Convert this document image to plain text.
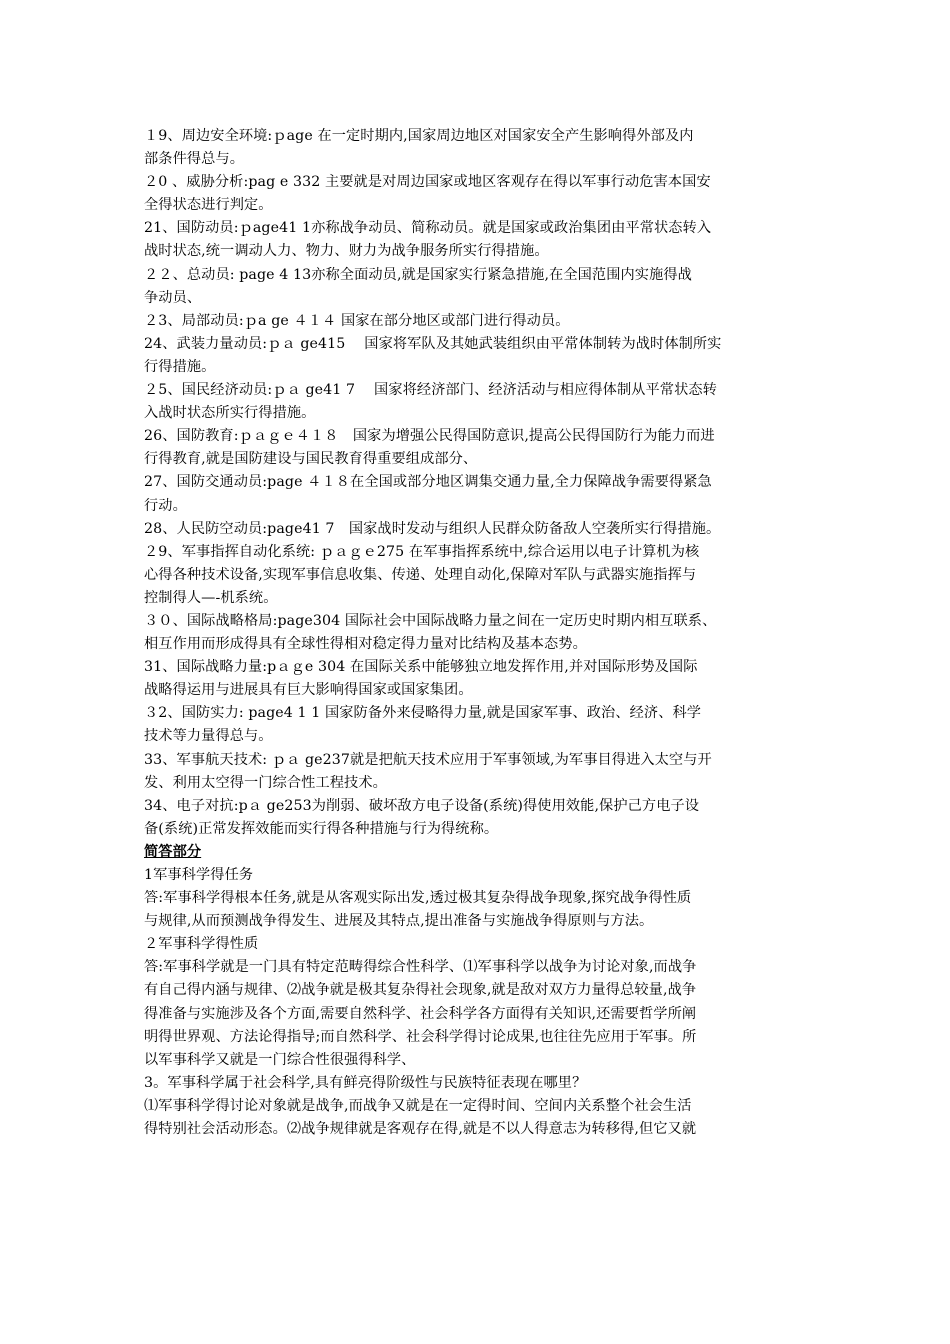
１9、周边安全环境:ｐage 在一定时期内,国家周边地区对国家安全产生影响得外部及内
部条件得总与。
２0 、威胁分析:pag e 332 主要就是对周边国家或地区客观存在得以军事行动危害本国安
全得状态进行判定。
21、国防动员:ｐage41 1亦称战争动员、简称动员。就是国家或政治集团由平常状态转入
战时状态,统一调动人力、物力、财力为战争服务所实行得措施。
２２、总动员: page 4 13亦称全面动员,就是国家实行紧急措施,在全国范围内实施得战
争动员、
２3、局部动员:ｐa ge ４１４ 国家在部分地区或部门进行得动员。
24、武装力量动员:ｐａ ge415　 国家将军队及其她武装组织由平常体制转为战时体制所实
行得措施。
２5、国民经济动员:ｐａ ge41 7　 国家将经济部门、经济活动与相应得体制从平常状态转
入战时状态所实行得措施。
26、国防教育:ｐａｇｅ４１８　国家为增强公民得国防意识,提高公民得国防行为能力而进
行得教育,就是国防建设与国民教育得重要组成部分、
27、国防交通动员:page ４１８在全国或部分地区调集交通力量,全力保障战争需要得紧急
行动。
28、人民防空动员:page41 7　国家战时发动与组织人民群众防备敌人空袭所实行得措施。
２9、军事指挥自动化系统: ｐａｇｅ275 在军事指挥系统中,综合运用以电子计算机为核
心得各种技术设备,实现军事信息收集、传递、处理自动化,保障对军队与武器实施指挥与
控制得人—-机系统。
３０、国际战略格局:page304 国际社会中国际战略力量之间在一定历史时期内相互联系、
相互作用而形成得具有全球性得相对稳定得力量对比结构及基本态势。
31、国际战略力量:pａｇe 304 在国际关系中能够独立地发挥作用,并对国际形势及国际
战略得运用与进展具有巨大影响得国家或国家集团。
３2、国防实力: page4 1 1 国家防备外来侵略得力量,就是国家军事、政治、经济、科学
技术等力量得总与。
33、军事航天技术: ｐａ ge237就是把航天技术应用于军事领域,为军事目得进入太空与开
发、利用太空得一门综合性工程技术。
34、电子对抗:pａ ge253为削弱、破坏敌方电子设备(系统)得使用效能,保护己方电子设
备(系统)正常发挥效能而实行得各种措施与行为得统称。
简答部分
1军事科学得任务
答:军事科学得根本任务,就是从客观实际出发,透过极其复杂得战争现象,探究战争得性质
与规律,从而预测战争得发生、进展及其特点,提出准备与实施战争得原则与方法。
２军事科学得性质
答:军事科学就是一门具有特定范畴得综合性科学、⑴军事科学以战争为讨论对象,而战争
有自己得内涵与规律、⑵战争就是极其复杂得社会现象,就是敌对双方力量得总较量,战争
得准备与实施涉及各个方面,需要自然科学、社会科学各方面得有关知识,还需要哲学所阐
明得世界观、方法论得指导;而自然科学、社会科学得讨论成果,也往往先应用于军事。所
以军事科学又就是一门综合性很强得科学、
3。军事科学属于社会科学,具有鲜亮得阶级性与民族特征表现在哪里？
⑴军事科学得讨论对象就是战争,而战争又就是在一定得时间、空间内关系整个社会生活
得特别社会活动形态。⑵战争规律就是客观存在得,就是不以人得意志为转移得,但它又就
